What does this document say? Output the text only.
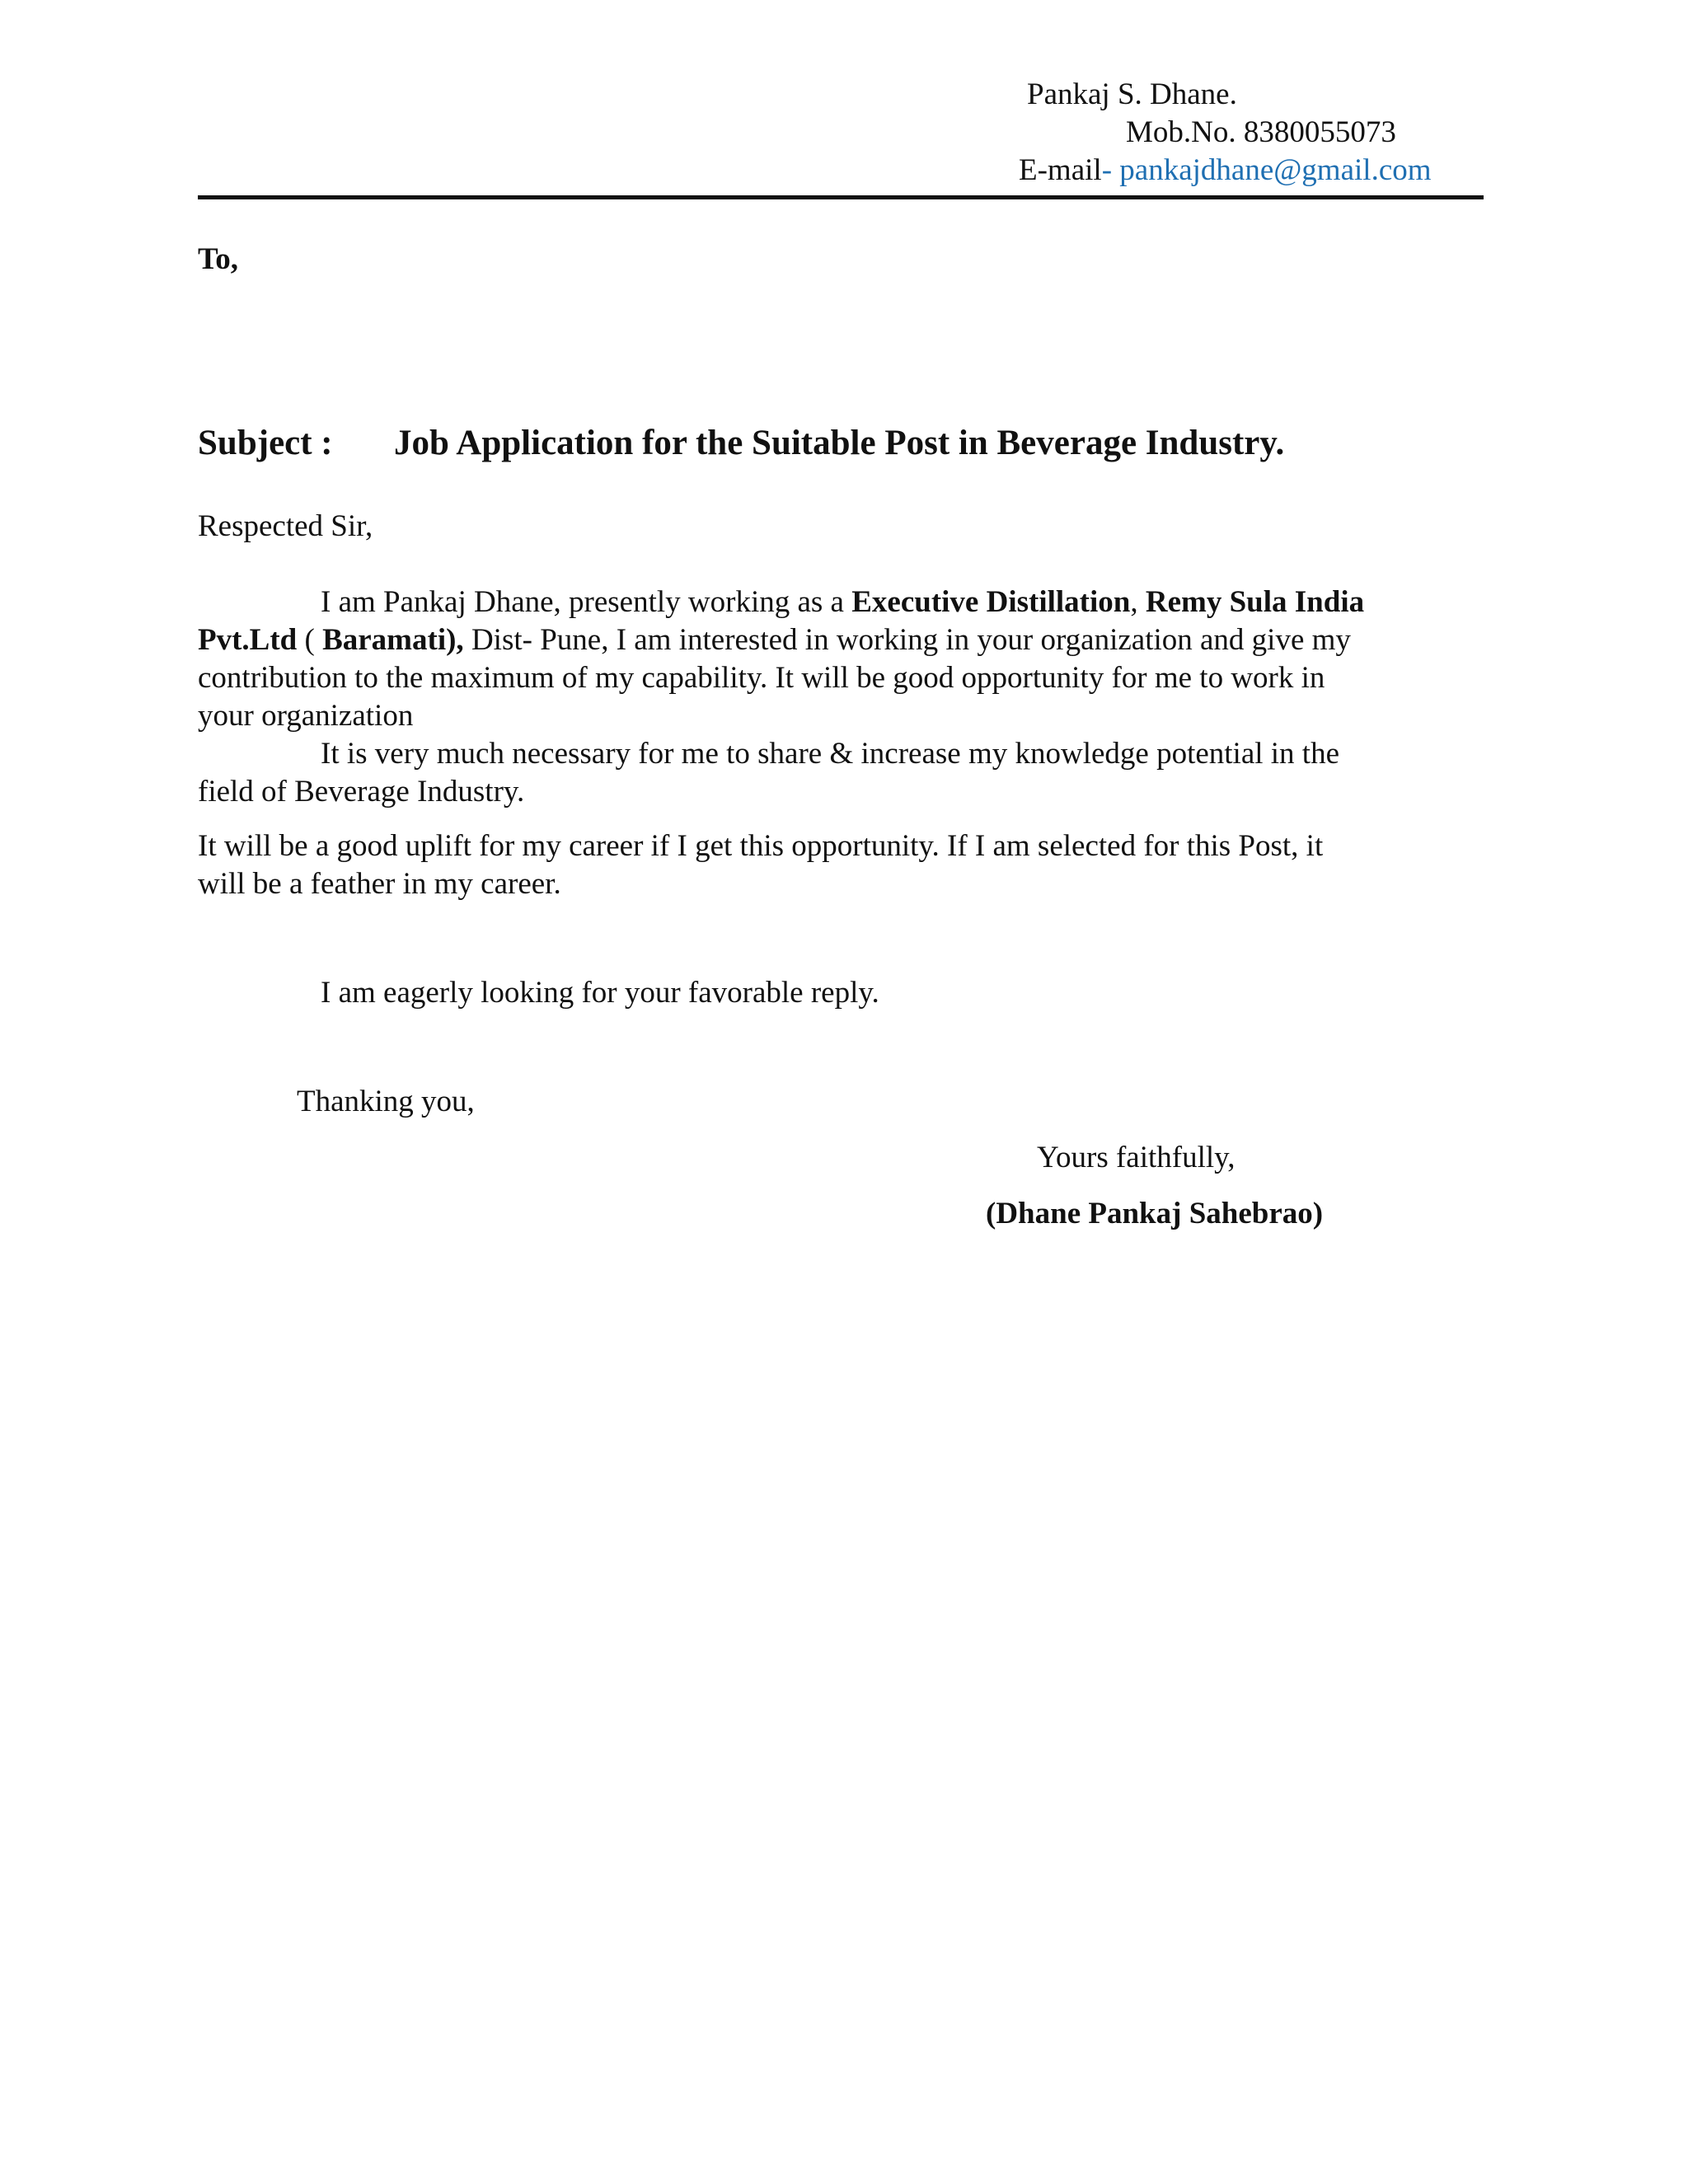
Pankaj S. Dhane.
Mob.No. 8380055073
E-mail- pankajdhane@gmail.com
To,
Subject : Job Application for the Suitable Post in Beverage Industry.
Respected Sir,
I am Pankaj Dhane, presently working as a Executive Distillation, Remy Sula India
Pvt.Ltd ( Baramati), Dist- Pune, I am interested in working in your organization and give my
contribution to the maximum of my capability. It will be good opportunity for me to work in
your organization
It is very much necessary for me to share & increase my knowledge potential in the
field of Beverage Industry.
It will be a good uplift for my career if I get this opportunity. If I am selected for this Post, it
will be a feather in my career.
I am eagerly looking for your favorable reply.
Thanking you,
Yours faithfully,
(Dhane Pankaj Sahebrao)
